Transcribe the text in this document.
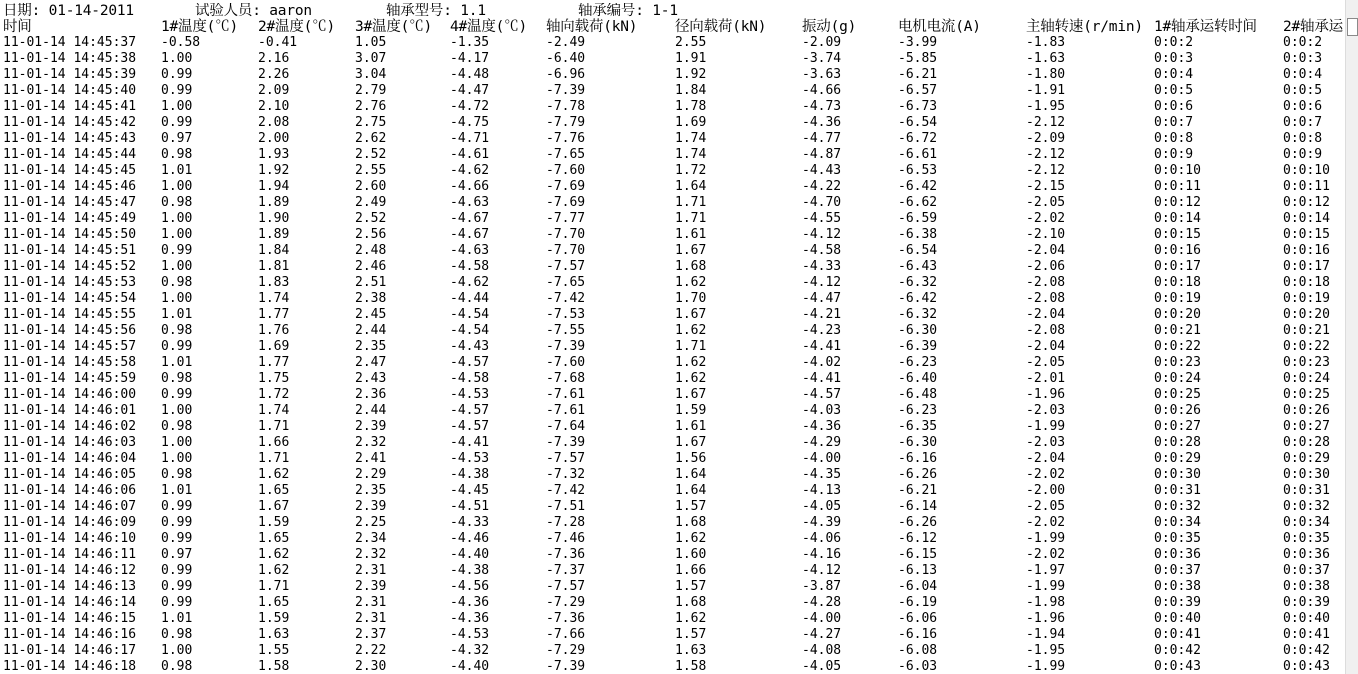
日期: 01-14-2011	试验人员: aaron	轴承型号: 1.1	轴承编号: 1-1
时间	1#温度(℃) 2#温度(℃) 3#温度(℃) 4#温度(℃) 轴向载荷(kN)	径向载荷(kN) 振动(g)	电机电流(A)	主轴转速(r/min) 1#轴承运转时间 2#轴承运
11-01-14 14:45:37 -0.58	-0.41	1.05	-1.35	-2.49	2.55	-2.09	-3.99	-1.83	0:0:2	0:0:2
11-01-14 14:45:38 1.00	2.16	3.07	-4.17	-6.40	1.91	-3.74	-5.85	-1.63	0:0:3	0:0:3
11-01-14 14:45:39 0.99	2.26	3.04	-4.48	-6.96	1.92	-3.63	-6.21	-1.80	0:0:4	0:0:4
11-01-14 14:45:40 0.99	2.09	2.79	-4.47	-7.39	1.84	-4.66	-6.57	-1.91	0:0:5	0:0:5
11-01-14 14:45:41 1.00	2.10	2.76	-4.72	-7.78	1.78	-4.73	-6.73	-1.95	0:0:6	0:0:6
11-01-14 14:45:42 0.99	2.08	2.75	-4.75	-7.79	1.69	-4.36	-6.54	-2.12	0:0:7	0:0:7
11-01-14 14:45:43 0.97	2.00	2.62	-4.71	-7.76	1.74	-4.77	-6.72	-2.09	0:0:8	0:0:8
11-01-14 14:45:44 0.98	1.93	2.52	-4.61	-7.65	1.74	-4.87	-6.61	-2.12	0:0:9	0:0:9
11-01-14 14:45:45 1.01	1.92	2.55	-4.62	-7.60	1.72	-4.43	-6.53	-2.12	0:0:10	0:0:10
11-01-14 14:45:46 1.00	1.94	2.60	-4.66	-7.69	1.64	-4.22	-6.42	-2.15	0:0:11	0:0:11
11-01-14 14:45:47 0.98	1.89	2.49	-4.63	-7.69	1.71	-4.70	-6.62	-2.05	0:0:12	0:0:12
11-01-14 14:45:49 1.00	1.90	2.52	-4.67	-7.77	1.71	-4.55	-6.59	-2.02	0:0:14	0:0:14
11-01-14 14:45:50 1.00	1.89	2.56	-4.67	-7.70	1.61	-4.12	-6.38	-2.10	0:0:15	0:0:15
11-01-14 14:45:51 0.99	1.84	2.48	-4.63	-7.70	1.67	-4.58	-6.54	-2.04	0:0:16	0:0:16
11-01-14 14:45:52 1.00	1.81	2.46	-4.58	-7.57	1.68	-4.33	-6.43	-2.06	0:0:17	0:0:17
11-01-14 14:45:53 0.98	1.83	2.51	-4.62	-7.65	1.62	-4.12	-6.32	-2.08	0:0:18	0:0:18
11-01-14 14:45:54 1.00	1.74	2.38	-4.44	-7.42	1.70	-4.47	-6.42	-2.08	0:0:19	0:0:19
11-01-14 14:45:55 1.01	1.77	2.45	-4.54	-7.53	1.67	-4.21	-6.32	-2.04	0:0:20	0:0:20
11-01-14 14:45:56 0.98	1.76	2.44	-4.54	-7.55	1.62	-4.23	-6.30	-2.08	0:0:21	0:0:21
11-01-14 14:45:57 0.99	1.69	2.35	-4.43	-7.39	1.71	-4.41	-6.39	-2.04	0:0:22	0:0:22
11-01-14 14:45:58 1.01	1.77	2.47	-4.57	-7.60	1.62	-4.02	-6.23	-2.05	0:0:23	0:0:23
11-01-14 14:45:59 0.98	1.75	2.43	-4.58	-7.68	1.62	-4.41	-6.40	-2.01	0:0:24	0:0:24
11-01-14 14:46:00 0.99	1.72	2.36	-4.53	-7.61	1.67	-4.57	-6.48	-1.96	0:0:25	0:0:25
11-01-14 14:46:01 1.00	1.74	2.44	-4.57	-7.61	1.59	-4.03	-6.23	-2.03	0:0:26	0:0:26
11-01-14 14:46:02 0.98	1.71	2.39	-4.57	-7.64	1.61	-4.36	-6.35	-1.99	0:0:27	0:0:27
11-01-14 14:46:03 1.00	1.66	2.32	-4.41	-7.39	1.67	-4.29	-6.30	-2.03	0:0:28	0:0:28
11-01-14 14:46:04 1.00	1.71	2.41	-4.53	-7.57	1.56	-4.00	-6.16	-2.04	0:0:29	0:0:29
11-01-14 14:46:05 0.98	1.62	2.29	-4.38	-7.32	1.64	-4.35	-6.26	-2.02	0:0:30	0:0:30
11-01-14 14:46:06 1.01	1.65	2.35	-4.45	-7.42	1.64	-4.13	-6.21	-2.00	0:0:31	0:0:31
11-01-14 14:46:07 0.99	1.67	2.39	-4.51	-7.51	1.57	-4.05	-6.14	-2.05	0:0:32	0:0:32
11-01-14 14:46:09 0.99	1.59	2.25	-4.33	-7.28	1.68	-4.39	-6.26	-2.02	0:0:34	0:0:34
11-01-14 14:46:10 0.99	1.65	2.34	-4.46	-7.46	1.62	-4.06	-6.12	-1.99	0:0:35	0:0:35
11-01-14 14:46:11 0.97	1.62	2.32	-4.40	-7.36	1.60	-4.16	-6.15	-2.02	0:0:36	0:0:36
11-01-14 14:46:12 0.99	1.62	2.31	-4.38	-7.37	1.66	-4.12	-6.13	-1.97	0:0:37	0:0:37
11-01-14 14:46:13 0.99	1.71	2.39	-4.56	-7.57	1.57	-3.87	-6.04	-1.99	0:0:38	0:0:38
11-01-14 14:46:14 0.99	1.65	2.31	-4.36	-7.29	1.68	-4.28	-6.19	-1.98	0:0:39	0:0:39
11-01-14 14:46:15 1.01	1.59	2.31	-4.36	-7.36	1.62	-4.00	-6.06	-1.96	0:0:40	0:0:40
11-01-14 14:46:16 0.98	1.63	2.37	-4.53	-7.66	1.57	-4.27	-6.16	-1.94	0:0:41	0:0:41
11-01-14 14:46:17 1.00	1.55	2.22	-4.32	-7.29	1.63	-4.08	-6.08	-1.95	0:0:42	0:0:42
11-01-14 14:46:18 0.98	1.58	2.30	-4.40	-7.39	1.58	-4.05	-6.03	-1.99	0:0:43	0:0:43
